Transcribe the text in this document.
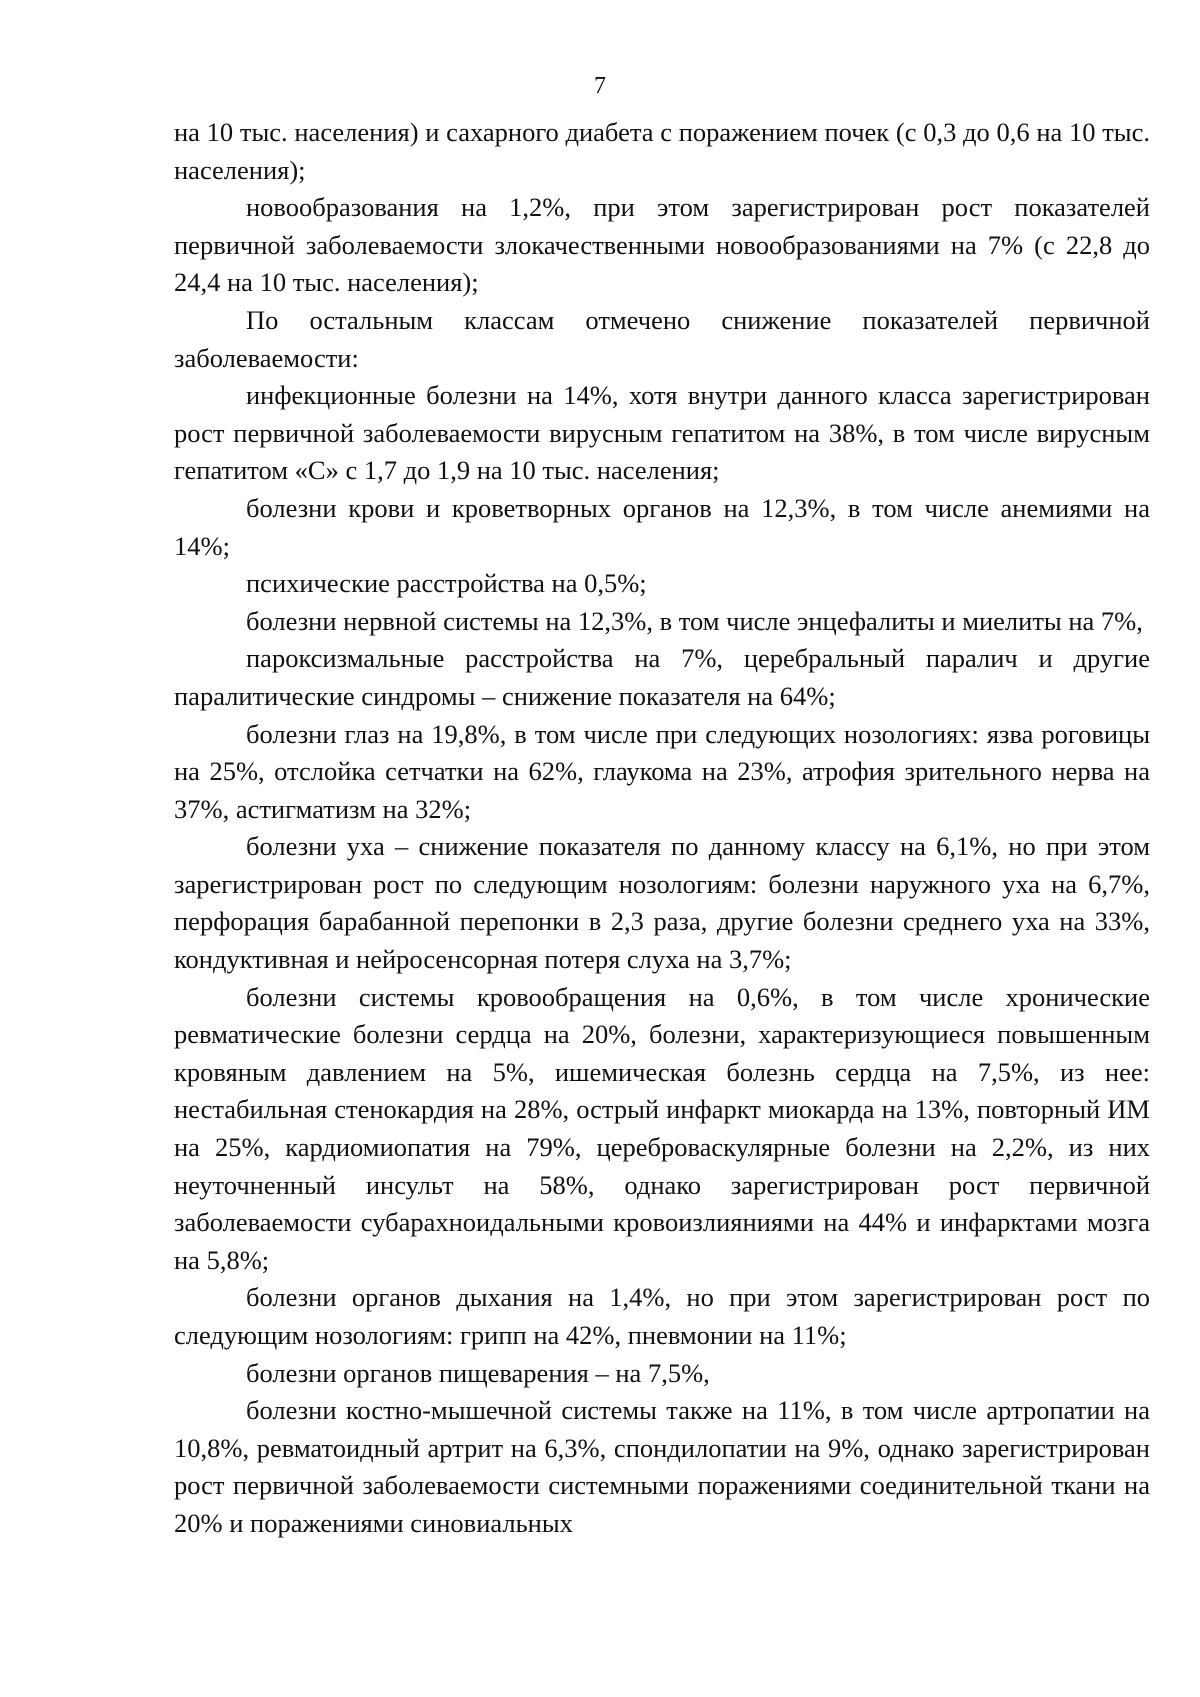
7

на 10 тыс. населения) и сахарного диабета с поражением почек (с 0,3 до 0,6 на 10 тыс. населения);

новообразования на 1,2%, при этом зарегистрирован рост показателей первичной заболеваемости злокачественными новообразованиями на 7% (с 22,8 до 24,4 на 10 тыс. населения);

По остальным классам отмечено снижение показателей первичной заболеваемости:

инфекционные болезни на 14%, хотя внутри данного класса зарегистрирован рост первичной заболеваемости вирусным гепатитом на 38%, в том числе вирусным гепатитом «С» с 1,7 до 1,9 на 10 тыс. населения;

болезни крови и кроветворных органов на 12,3%, в том числе анемиями на 14%;

психические расстройства на 0,5%;

болезни нервной системы на 12,3%, в том числе энцефалиты и миелиты на 7%,

пароксизмальные расстройства на 7%, церебральный паралич и другие паралитические синдромы – снижение показателя на 64%;

болезни глаз на 19,8%, в том числе при следующих нозологиях: язва роговицы на 25%, отслойка сетчатки на 62%, глаукома на 23%, атрофия зрительного нерва на 37%, астигматизм на 32%;

болезни уха – снижение показателя по данному классу на 6,1%, но при этом зарегистрирован рост по следующим нозологиям: болезни наружного уха на 6,7%, перфорация барабанной перепонки в 2,3 раза, другие болезни среднего уха на 33%, кондуктивная и нейросенсорная потеря слуха на 3,7%;

болезни системы кровообращения на 0,6%, в том числе хронические ревматические болезни сердца на 20%, болезни, характеризующиеся повышенным кровяным давлением на 5%, ишемическая болезнь сердца на 7,5%, из нее: нестабильная стенокардия на 28%, острый инфаркт миокарда на 13%, повторный ИМ на 25%, кардиомиопатия на 79%, цереброваскулярные болезни на 2,2%, из них неуточненный инсульт на 58%, однако зарегистрирован рост первичной заболеваемости субарахноидальными кровоизлияниями на 44% и инфарктами мозга на 5,8%;

болезни органов дыхания на 1,4%, но при этом зарегистрирован рост по следующим нозологиям: грипп на 42%, пневмонии на 11%;

болезни органов пищеварения – на 7,5%,

болезни костно-мышечной системы также на 11%, в том числе артропатии на 10,8%, ревматоидный артрит на 6,3%, спондилопатии на 9%, однако зарегистрирован рост первичной заболеваемости системными поражениями соединительной ткани на 20% и поражениями синовиальных
